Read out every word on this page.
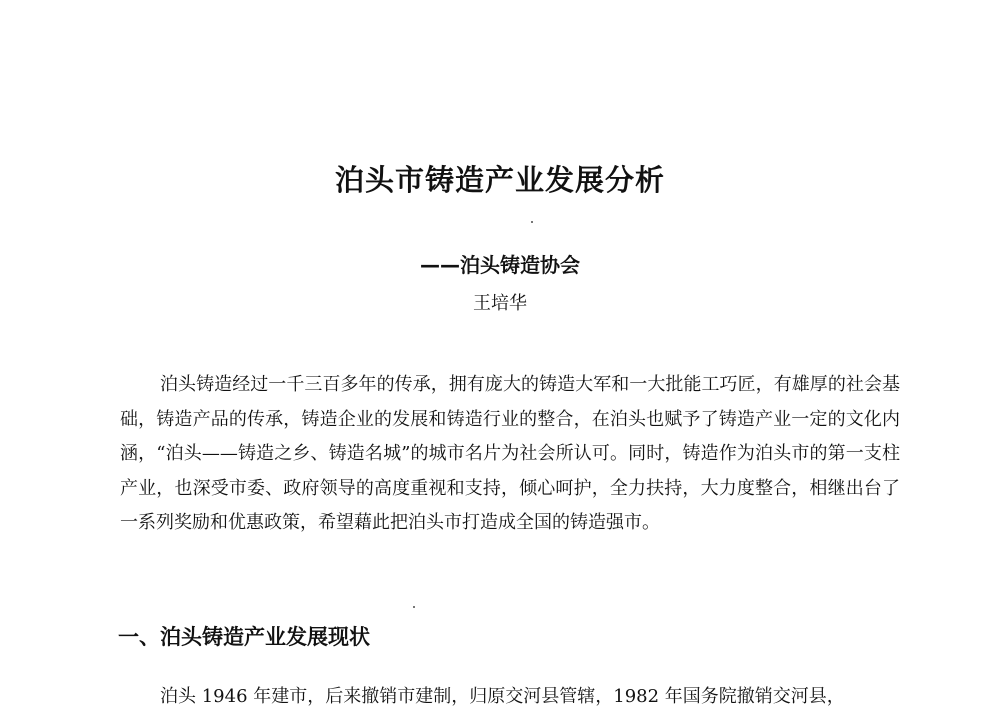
泊头市铸造产业发展分析
——泊头铸造协会
王培华

泊头铸造经过一千三百多年的传承，拥有庞大的铸造大军和一大批能工巧匠，有雄厚的社会基础，铸造产品的传承，铸造企业的发展和铸造行业的整合，在泊头也赋予了铸造产业一定的文化内涵，“泊头——铸造之乡、铸造名城”的城市名片为社会所认可。同时，铸造作为泊头市的第一支柱产业，也深受市委、政府领导的高度重视和支持，倾心呵护，全力扶持，大力度整合，相继出台了一系列奖励和优惠政策，希望藉此把泊头市打造成全国的铸造强市。

一、泊头铸造产业发展现状

泊头 1946 年建市，后来撤销市建制，归原交河县管辖，1982 年国务院撤销交河县，
